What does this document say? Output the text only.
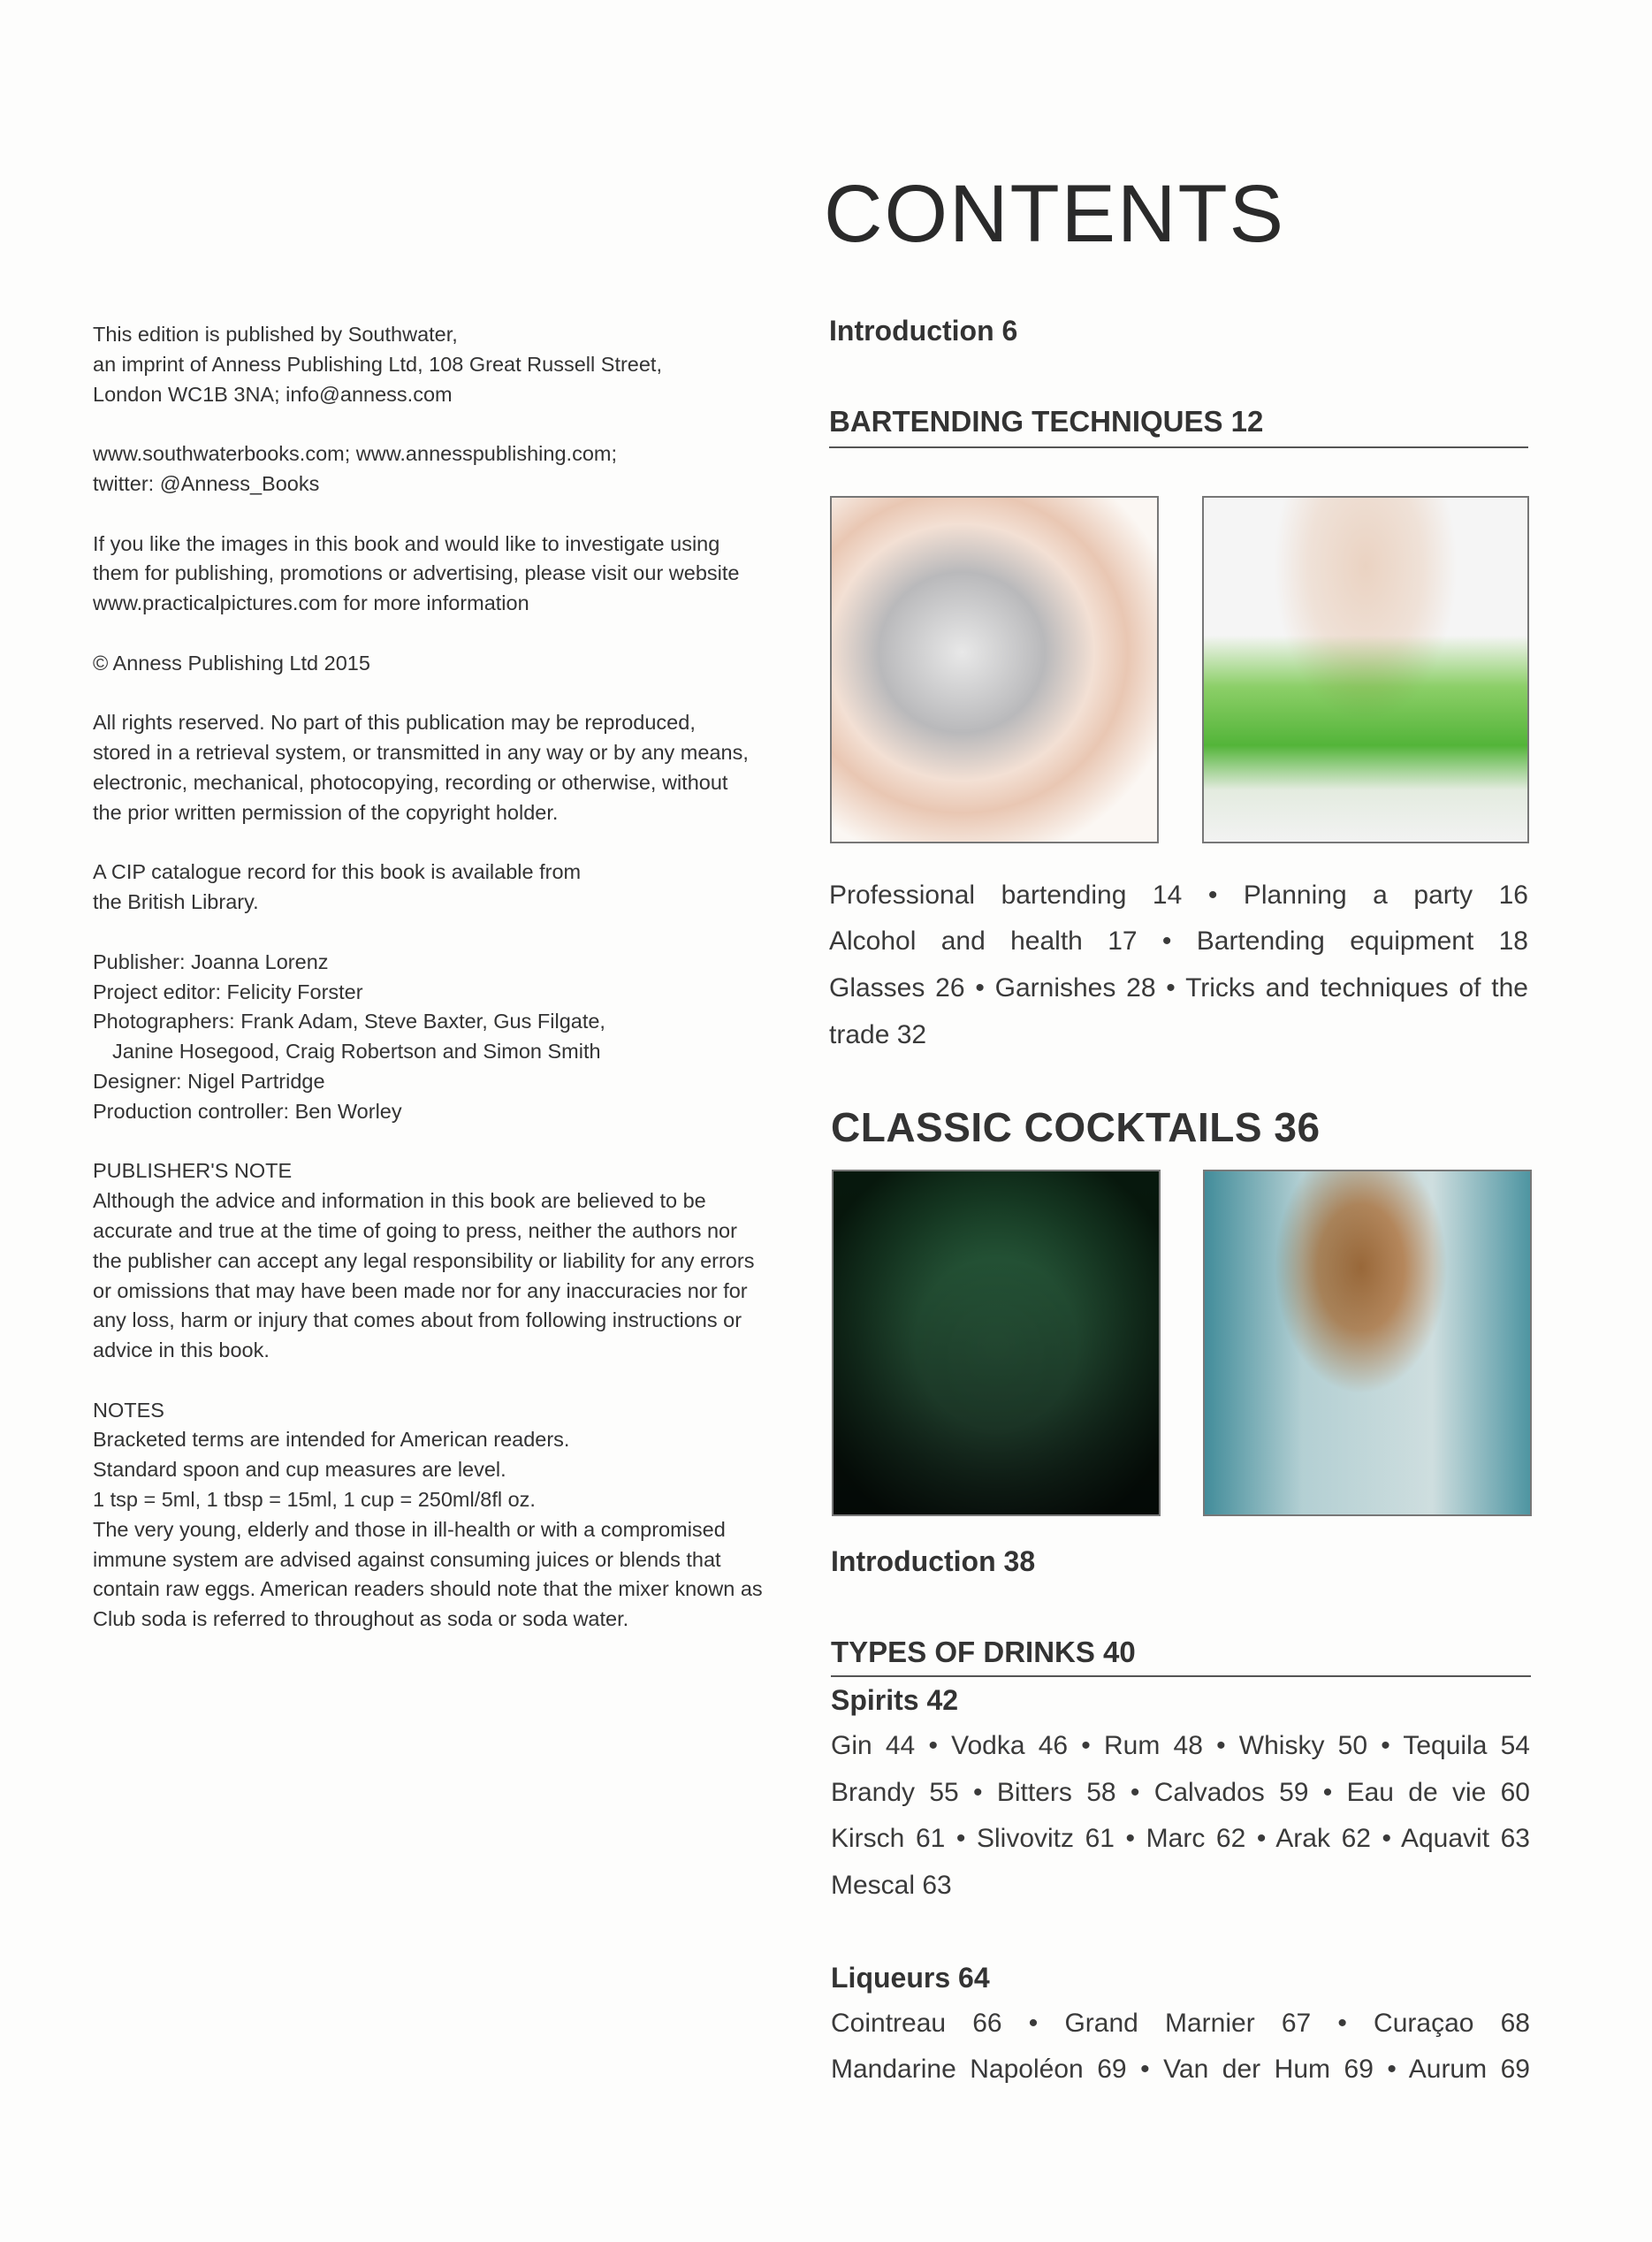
This edition is published by Southwater,
an imprint of Anness Publishing Ltd, 108 Great Russell Street,
London WC1B 3NA; info@anness.com
www.southwaterbooks.com; www.annesspublishing.com;
twitter: @Anness_Books
If you like the images in this book and would like to investigate using
them for publishing, promotions or advertising, please visit our website
www.practicalpictures.com for more information
© Anness Publishing Ltd 2015
All rights reserved. No part of this publication may be reproduced,
stored in a retrieval system, or transmitted in any way or by any means,
electronic, mechanical, photocopying, recording or otherwise, without
the prior written permission of the copyright holder.
A CIP catalogue record for this book is available from
the British Library.
Publisher: Joanna Lorenz
Project editor: Felicity Forster
Photographers: Frank Adam, Steve Baxter, Gus Filgate,
Janine Hosegood, Craig Robertson and Simon Smith
Designer: Nigel Partridge
Production controller: Ben Worley
PUBLISHER'S NOTE
Although the advice and information in this book are believed to be
accurate and true at the time of going to press, neither the authors nor
the publisher can accept any legal responsibility or liability for any errors
or omissions that may have been made nor for any inaccuracies nor for
any loss, harm or injury that comes about from following instructions or
advice in this book.
NOTES
Bracketed terms are intended for American readers.
Standard spoon and cup measures are level.
1 tsp = 5ml, 1 tbsp = 15ml, 1 cup = 250ml/8fl oz.
The very young, elderly and those in ill-health or with a compromised
immune system are advised against consuming juices or blends that
contain raw eggs. American readers should note that the mixer known as
Club soda is referred to throughout as soda or soda water.
CONTENTS
Introduction 6
BARTENDING TECHNIQUES 12
Professional bartending 14 • Planning a party 16
Alcohol and health 17 • Bartending equipment 18
Glasses 26 • Garnishes 28 • Tricks and techniques of the
trade 32
CLASSIC COCKTAILS 36
Introduction 38
TYPES OF DRINKS 40
Spirits 42
Gin 44 • Vodka 46 • Rum 48 • Whisky 50 • Tequila 54
Brandy 55 • Bitters 58 • Calvados 59 • Eau de vie 60
Kirsch 61 • Slivovitz 61 • Marc 62 • Arak 62 • Aquavit 63
Mescal 63
Liqueurs 64
Cointreau 66 • Grand Marnier 67 • Curaçao 68
Mandarine Napoléon 69 • Van der Hum 69 • Aurum 69
